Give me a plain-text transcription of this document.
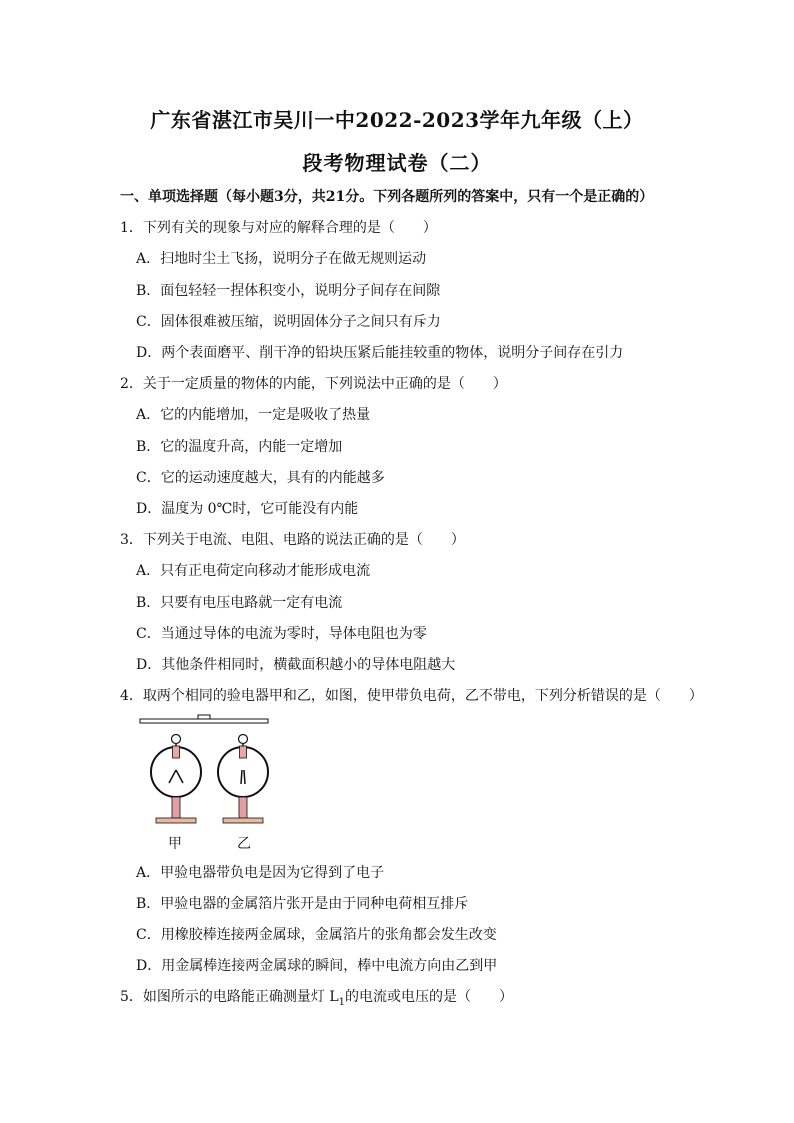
广东省湛江市吴川一中2022-2023学年九年级（上）
段考物理试卷（二）
一、单项选择题（每小题3分，共21分。下列各题所列的答案中，只有一个是正确的）
1．下列有关的现象与对应的解释合理的是（　　）
A．扫地时尘土飞扬，说明分子在做无规则运动
B．面包轻轻一捏体积变小，说明分子间存在间隙
C．固体很难被压缩，说明固体分子之间只有斥力
D．两个表面磨平、削干净的铅块压紧后能挂较重的物体，说明分子间存在引力
2．关于一定质量的物体的内能，下列说法中正确的是（　　）
A．它的内能增加，一定是吸收了热量
B．它的温度升高，内能一定增加
C．它的运动速度越大，具有的内能越多
D．温度为 0℃时，它可能没有内能
3．下列关于电流、电阻、电路的说法正确的是（　　）
A．只有正电荷定向移动才能形成电流
B．只要有电压电路就一定有电流
C．当通过导体的电流为零时，导体电阻也为零
D．其他条件相同时，横截面积越小的导体电阻越大
4．取两个相同的验电器甲和乙，如图，使甲带负电荷，乙不带电，下列分析错误的是（　　）
甲	乙
A．甲验电器带负电是因为它得到了电子
B．甲验电器的金属箔片张开是由于同种电荷相互排斥
C．用橡胶棒连接两金属球，金属箔片的张角都会发生改变
D．用金属棒连接两金属球的瞬间，棒中电流方向由乙到甲
5．如图所示的电路能正确测量灯 $L_1$的电流或电压的是（　　）
